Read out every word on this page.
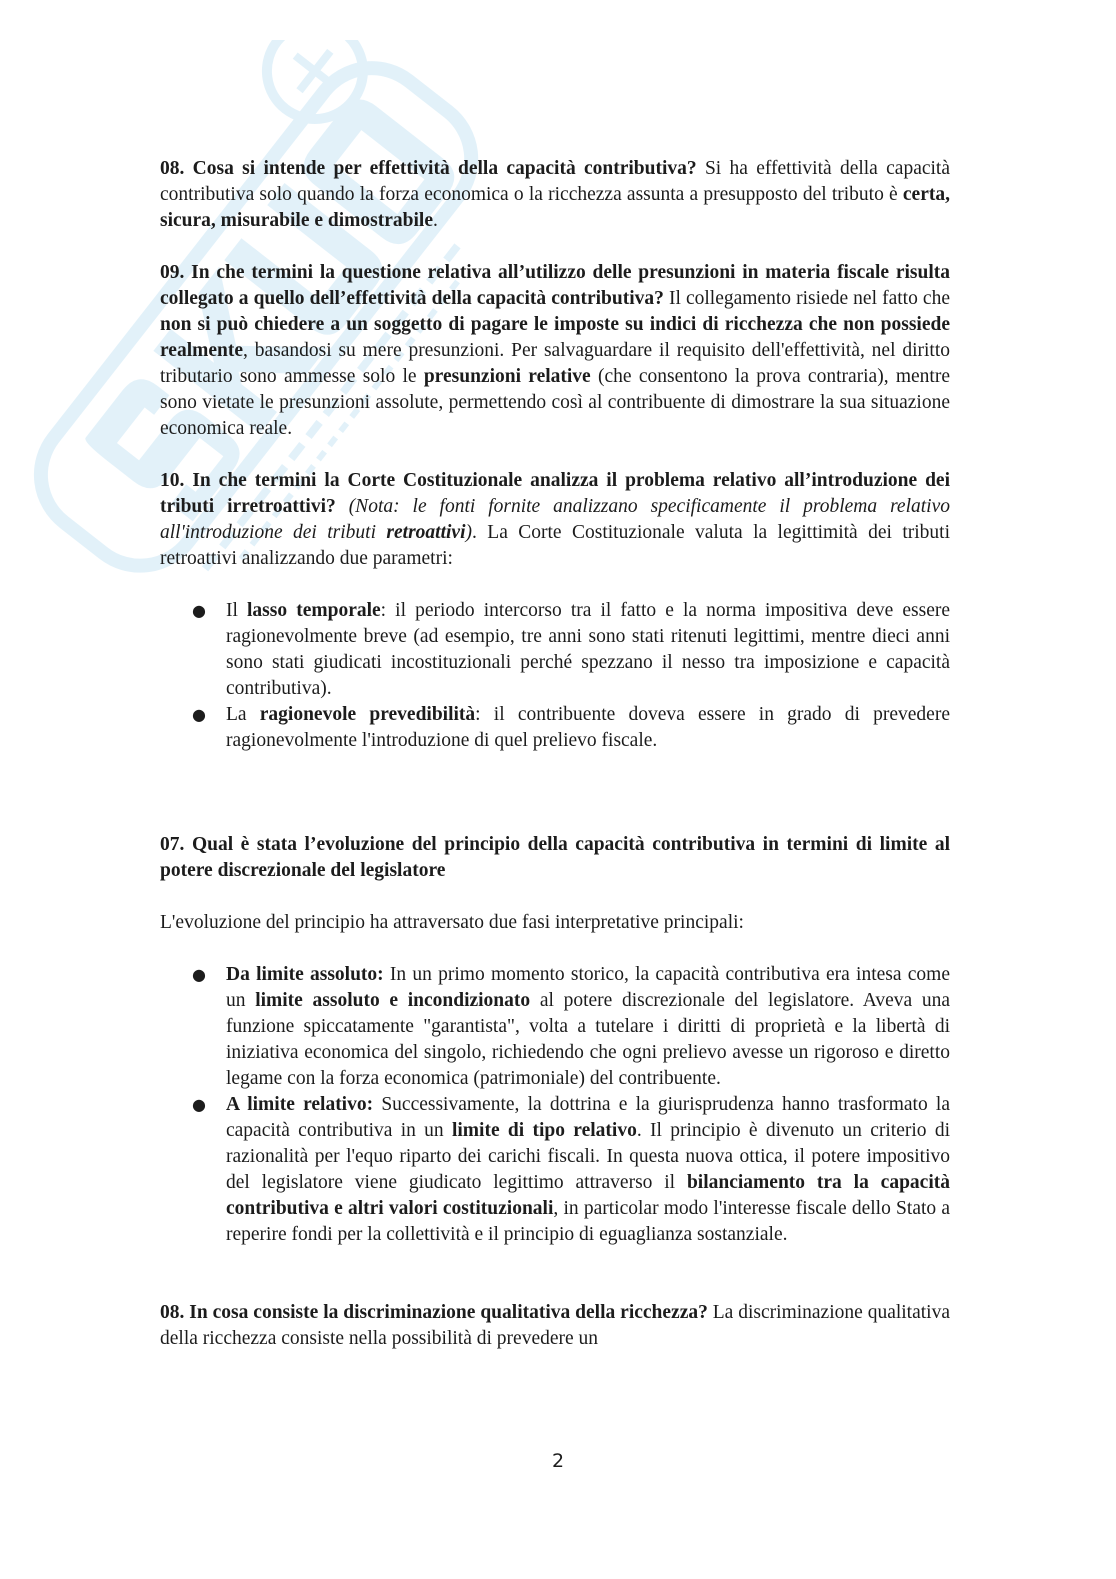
08. Cosa si intende per effettività della capacità contributiva? Si ha effettività della capacità contributiva solo quando la forza economica o la ricchezza assunta a presupposto del tributo è certa, sicura, misurabile e dimostrabile.

09. In che termini la questione relativa all’utilizzo delle presunzioni in materia fiscale risulta collegato a quello dell’effettività della capacità contributiva? Il collegamento risiede nel fatto che non si può chiedere a un soggetto di pagare le imposte su indici di ricchezza che non possiede realmente, basandosi su mere presunzioni. Per salvaguardare il requisito dell'effettività, nel diritto tributario sono ammesse solo le presunzioni relative (che consentono la prova contraria), mentre sono vietate le presunzioni assolute, permettendo così al contribuente di dimostrare la sua situazione economica reale.

10. In che termini la Corte Costituzionale analizza il problema relativo all’introduzione dei tributi irretroattivi? (Nota: le fonti fornite analizzano specificamente il problema relativo all'introduzione dei tributi retroattivi). La Corte Costituzionale valuta la legittimità dei tributi retroattivi analizzando due parametri:

● Il lasso temporale: il periodo intercorso tra il fatto e la norma impositiva deve essere ragionevolmente breve (ad esempio, tre anni sono stati ritenuti legittimi, mentre dieci anni sono stati giudicati incostituzionali perché spezzano il nesso tra imposizione e capacità contributiva).
● La ragionevole prevedibilità: il contribuente doveva essere in grado di prevedere ragionevolmente l'introduzione di quel prelievo fiscale.

07. Qual è stata l’evoluzione del principio della capacità contributiva in termini di limite al potere discrezionale del legislatore

L'evoluzione del principio ha attraversato due fasi interpretative principali:

● Da limite assoluto: In un primo momento storico, la capacità contributiva era intesa come un limite assoluto e incondizionato al potere discrezionale del legislatore. Aveva una funzione spiccatamente "garantista", volta a tutelare i diritti di proprietà e la libertà di iniziativa economica del singolo, richiedendo che ogni prelievo avesse un rigoroso e diretto legame con la forza economica (patrimoniale) del contribuente.
● A limite relativo: Successivamente, la dottrina e la giurisprudenza hanno trasformato la capacità contributiva in un limite di tipo relativo. Il principio è divenuto un criterio di razionalità per l'equo riparto dei carichi fiscali. In questa nuova ottica, il potere impositivo del legislatore viene giudicato legittimo attraverso il bilanciamento tra la capacità contributiva e altri valori costituzionali, in particolar modo l'interesse fiscale dello Stato a reperire fondi per la collettività e il principio di eguaglianza sostanziale.

08. In cosa consiste la discriminazione qualitativa della ricchezza? La discriminazione qualitativa della ricchezza consiste nella possibilità di prevedere un

2
